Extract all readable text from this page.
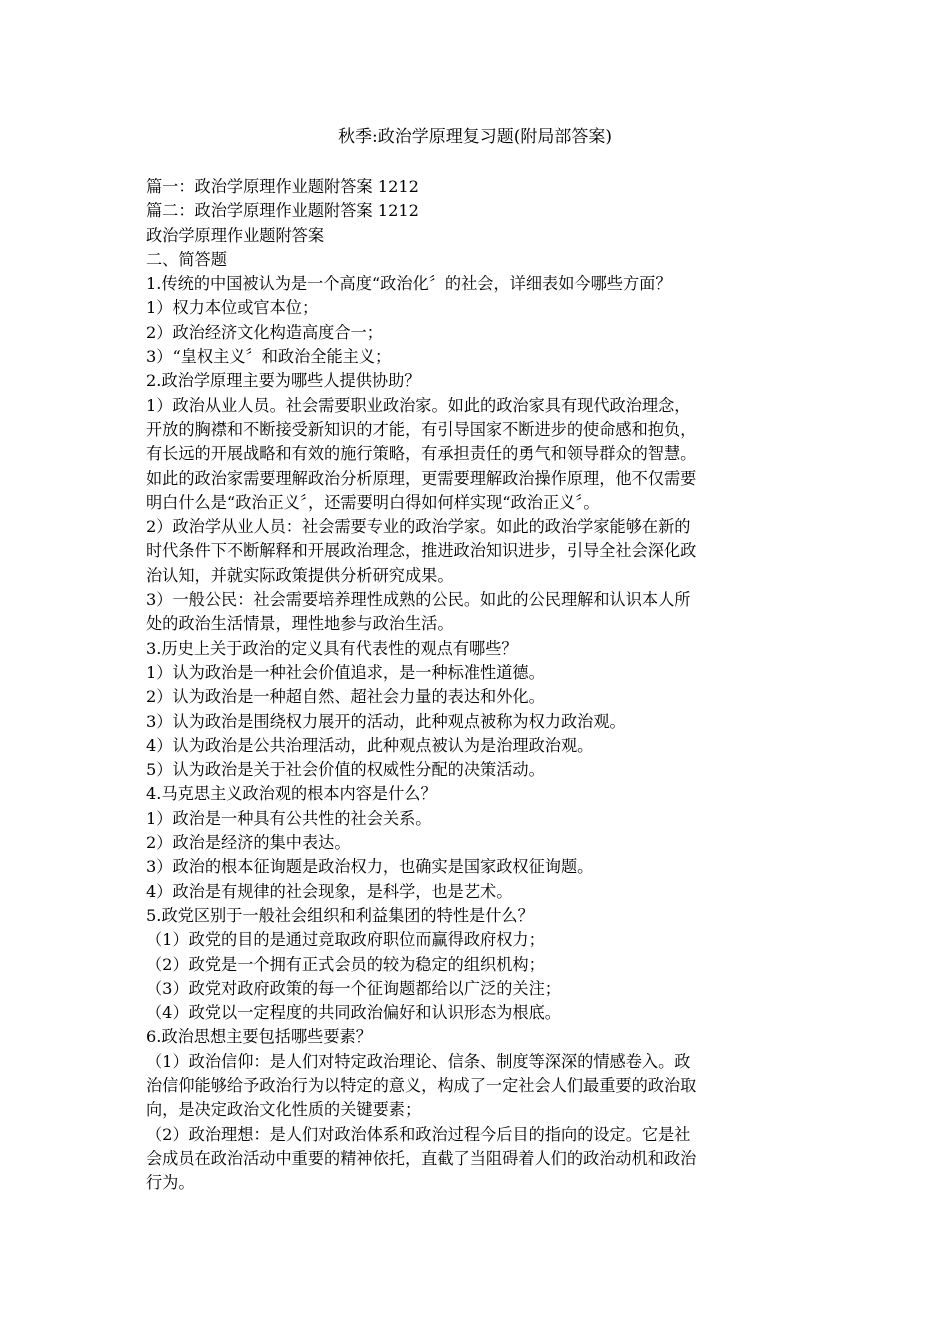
秋季:政治学原理复习题(附局部答案)
篇一：政治学原理作业题附答案 1212
篇二：政治学原理作业题附答案 1212
政治学原理作业题附答案
二、简答题
1.传统的中国被认为是一个高度“政治化〞的社会，详细表如今哪些方面？
1）权力本位或官本位；
2）政治经济文化构造高度合一；
3）“皇权主义〞和政治全能主义；
2.政治学原理主要为哪些人提供协助？
1）政治从业人员。社会需要职业政治家。如此的政治家具有现代政治理念，
开放的胸襟和不断接受新知识的才能，有引导国家不断进步的使命感和抱负，
有长远的开展战略和有效的施行策略，有承担责任的勇气和领导群众的智慧。
如此的政治家需要理解政治分析原理，更需要理解政治操作原理，他不仅需要
明白什么是“政治正义〞，还需要明白得如何样实现“政治正义〞。
2）政治学从业人员：社会需要专业的政治学家。如此的政治学家能够在新的
时代条件下不断解释和开展政治理念，推进政治知识进步，引导全社会深化政
治认知，并就实际政策提供分析研究成果。
3）一般公民：社会需要培养理性成熟的公民。如此的公民理解和认识本人所
处的政治生活情景，理性地参与政治生活。
3.历史上关于政治的定义具有代表性的观点有哪些？
1）认为政治是一种社会价值追求，是一种标准性道德。
2）认为政治是一种超自然、超社会力量的表达和外化。
3）认为政治是围绕权力展开的活动，此种观点被称为权力政治观。
4）认为政治是公共治理活动，此种观点被认为是治理政治观。
5）认为政治是关于社会价值的权威性分配的决策活动。
4.马克思主义政治观的根本内容是什么？
1）政治是一种具有公共性的社会关系。
2）政治是经济的集中表达。
3）政治的根本征询题是政治权力，也确实是国家政权征询题。
4）政治是有规律的社会现象，是科学，也是艺术。
5.政党区别于一般社会组织和利益集团的特性是什么？
（1）政党的目的是通过竞取政府职位而赢得政府权力；
（2）政党是一个拥有正式会员的较为稳定的组织机构；
（3）政党对政府政策的每一个征询题都给以广泛的关注；
（4）政党以一定程度的共同政治偏好和认识形态为根底。
6.政治思想主要包括哪些要素？
（1）政治信仰：是人们对特定政治理论、信条、制度等深深的情感卷入。政
治信仰能够给予政治行为以特定的意义，构成了一定社会人们最重要的政治取
向，是决定政治文化性质的关键要素；
（2）政治理想：是人们对政治体系和政治过程今后目的指向的设定。它是社
会成员在政治活动中重要的精神依托，直截了当阻碍着人们的政治动机和政治
行为。
